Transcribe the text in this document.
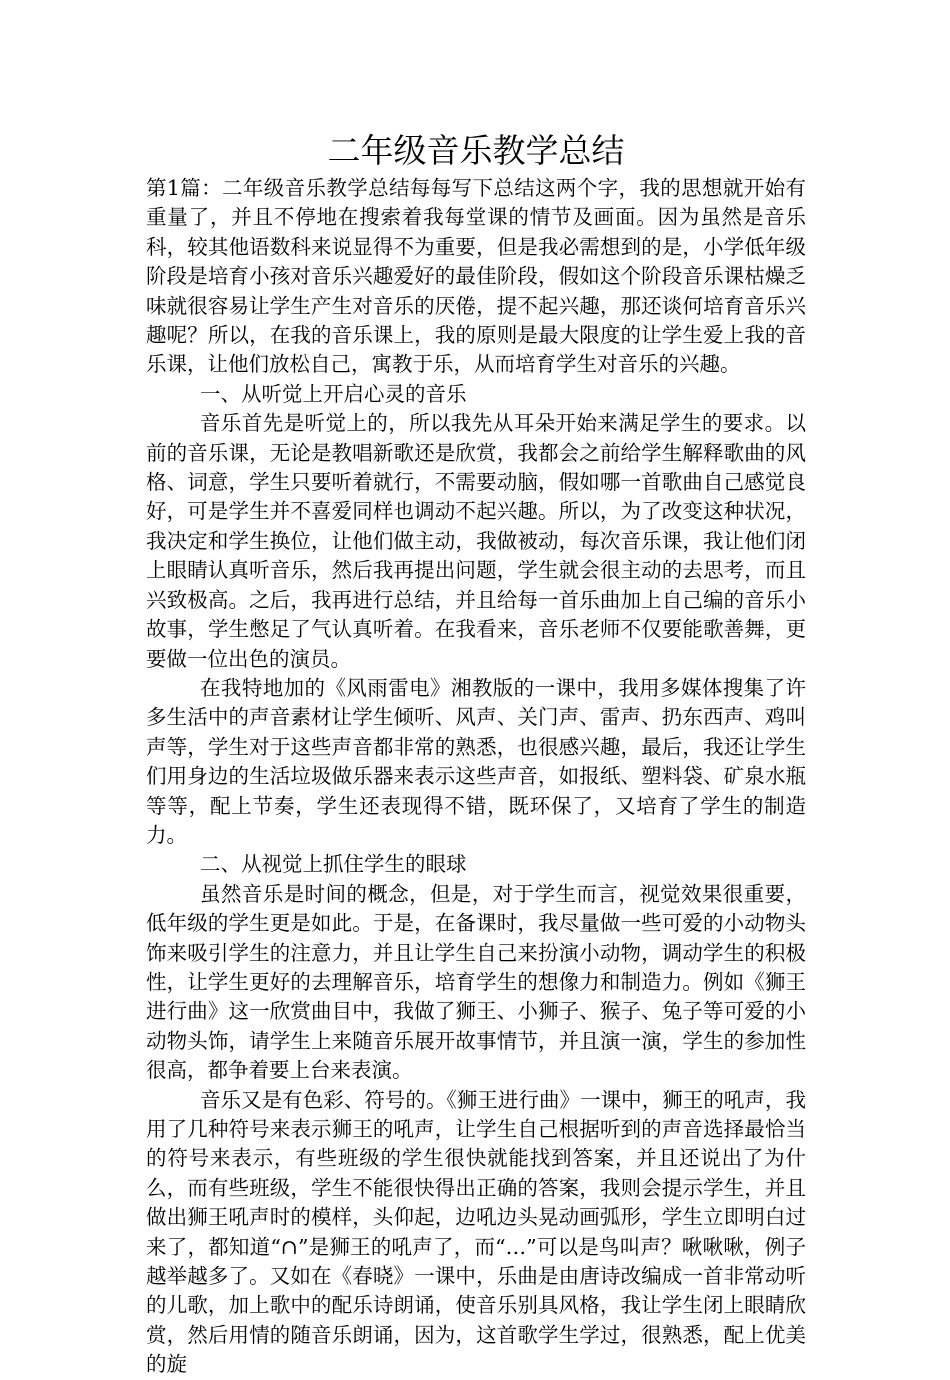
二年级音乐教学总结

第1篇：二年级音乐教学总结每每写下总结这两个字，我的思想就开始有重量了，并且不停地在搜索着我每堂课的情节及画面。因为虽然是音乐科，较其他语数科来说显得不为重要，但是我必需想到的是，小学低年级阶段是培育小孩对音乐兴趣爱好的最佳阶段，假如这个阶段音乐课枯燥乏味就很容易让学生产生对音乐的厌倦，提不起兴趣，那还谈何培育音乐兴趣呢？所以，在我的音乐课上，我的原则是最大限度的让学生爱上我的音乐课，让他们放松自己，寓教于乐，从而培育学生对音乐的兴趣。

一、从听觉上开启心灵的音乐

音乐首先是听觉上的，所以我先从耳朵开始来满足学生的要求。以前的音乐课，无论是教唱新歌还是欣赏，我都会之前给学生解释歌曲的风格、词意，学生只要听着就行，不需要动脑，假如哪一首歌曲自己感觉良好，可是学生并不喜爱同样也调动不起兴趣。所以，为了改变这种状况，我决定和学生换位，让他们做主动，我做被动，每次音乐课，我让他们闭上眼睛认真听音乐，然后我再提出问题，学生就会很主动的去思考，而且兴致极高。之后，我再进行总结，并且给每一首乐曲加上自己编的音乐小故事，学生憋足了气认真听着。在我看来，音乐老师不仅要能歌善舞，更要做一位出色的演员。

在我特地加的《风雨雷电》湘教版的一课中，我用多媒体搜集了许多生活中的声音素材让学生倾听、风声、关门声、雷声、扔东西声、鸡叫声等，学生对于这些声音都非常的熟悉，也很感兴趣，最后，我还让学生们用身边的生活垃圾做乐器来表示这些声音，如报纸、塑料袋、矿泉水瓶等等，配上节奏，学生还表现得不错，既环保了，又培育了学生的制造力。

二、从视觉上抓住学生的眼球

虽然音乐是时间的概念，但是，对于学生而言，视觉效果很重要，低年级的学生更是如此。于是，在备课时，我尽量做一些可爱的小动物头饰来吸引学生的注意力，并且让学生自己来扮演小动物，调动学生的积极性，让学生更好的去理解音乐，培育学生的想像力和制造力。例如《狮王进行曲》这一欣赏曲目中，我做了狮王、小狮子、猴子、兔子等可爱的小动物头饰，请学生上来随音乐展开故事情节，并且演一演，学生的参加性很高，都争着要上台来表演。

音乐又是有色彩、符号的。《狮王进行曲》一课中，狮王的吼声，我用了几种符号来表示狮王的吼声，让学生自己根据听到的声音选择最恰当的符号来表示，有些班级的学生很快就能找到答案，并且还说出了为什么，而有些班级，学生不能很快得出正确的答案，我则会提示学生，并且做出狮王吼声时的模样，头仰起，边吼边头晃动画弧形，学生立即明白过来了，都知道“∩”是狮王的吼声了，而“…”可以是鸟叫声？啾啾啾，例子越举越多了。又如在《春晓》一课中，乐曲是由唐诗改编成一首非常动听的儿歌，加上歌中的配乐诗朗诵，使音乐别具风格，我让学生闭上眼睛欣赏，然后用情的随音乐朗诵，因为，这首歌学生学过，很熟悉，配上优美的旋
